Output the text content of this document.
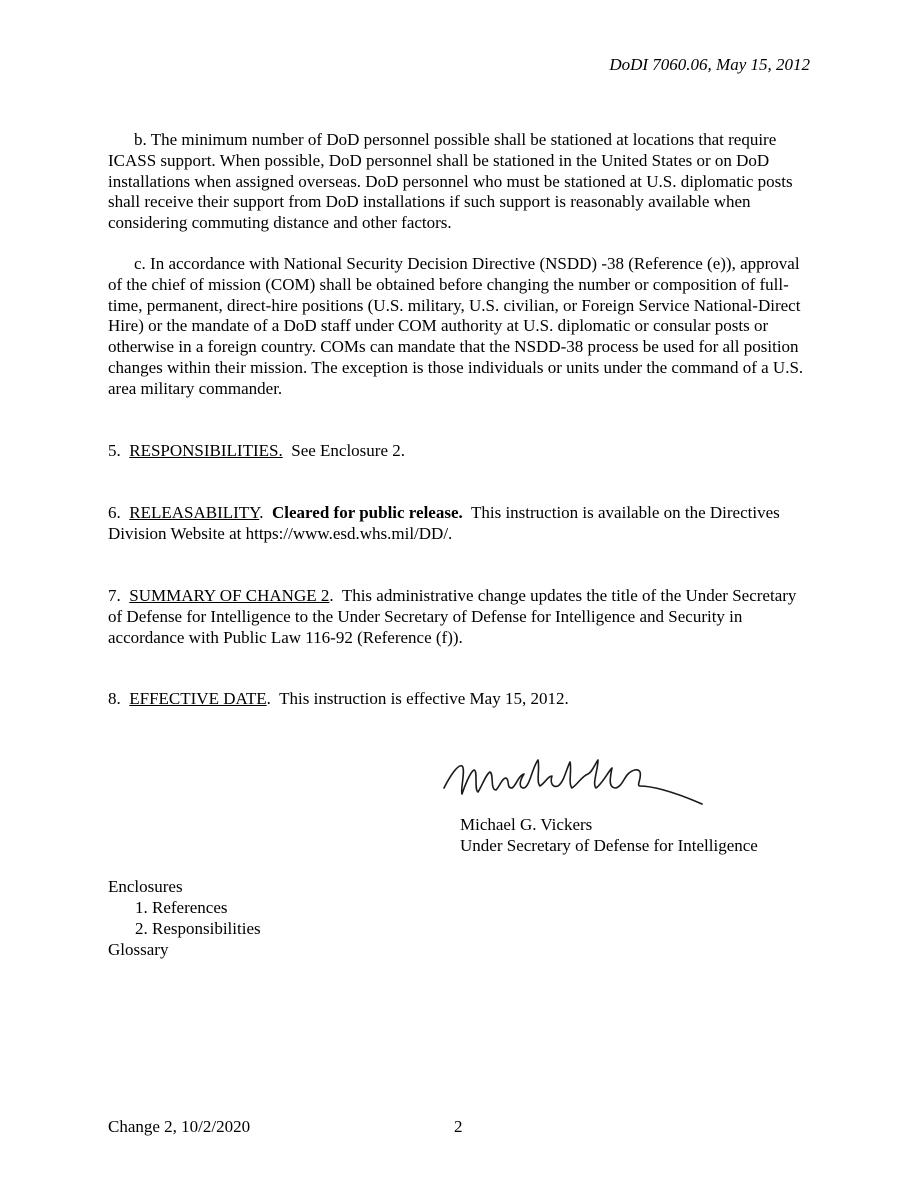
DoDI 7060.06, May 15, 2012

b. The minimum number of DoD personnel possible shall be stationed at locations that require ICASS support. When possible, DoD personnel shall be stationed in the United States or on DoD installations when assigned overseas. DoD personnel who must be stationed at U.S. diplomatic posts shall receive their support from DoD installations if such support is reasonably available when considering commuting distance and other factors.

c. In accordance with National Security Decision Directive (NSDD) -38 (Reference (e)), approval of the chief of mission (COM) shall be obtained before changing the number or composition of full-time, permanent, direct-hire positions (U.S. military, U.S. civilian, or Foreign Service National-Direct Hire) or the mandate of a DoD staff under COM authority at U.S. diplomatic or consular posts or otherwise in a foreign country. COMs can mandate that the NSDD-38 process be used for all position changes within their mission. The exception is those individuals or units under the command of a U.S. area military commander.

5. RESPONSIBILITIES. See Enclosure 2.

6. RELEASABILITY.  Cleared for public release. This instruction is available on the Directives Division Website at https://www.esd.whs.mil/DD/.

7. SUMMARY OF CHANGE 2.  This administrative change updates the title of the Under Secretary of Defense for Intelligence to the Under Secretary of Defense for Intelligence and Security in accordance with Public Law 116-92 (Reference (f)).

8. EFFECTIVE DATE.  This instruction is effective May 15, 2012.

Michael G. Vickers
Under Secretary of Defense for Intelligence
Enclosures
1. References
2. Responsibilities
Glossary
Change 2, 10/2/2020	2
